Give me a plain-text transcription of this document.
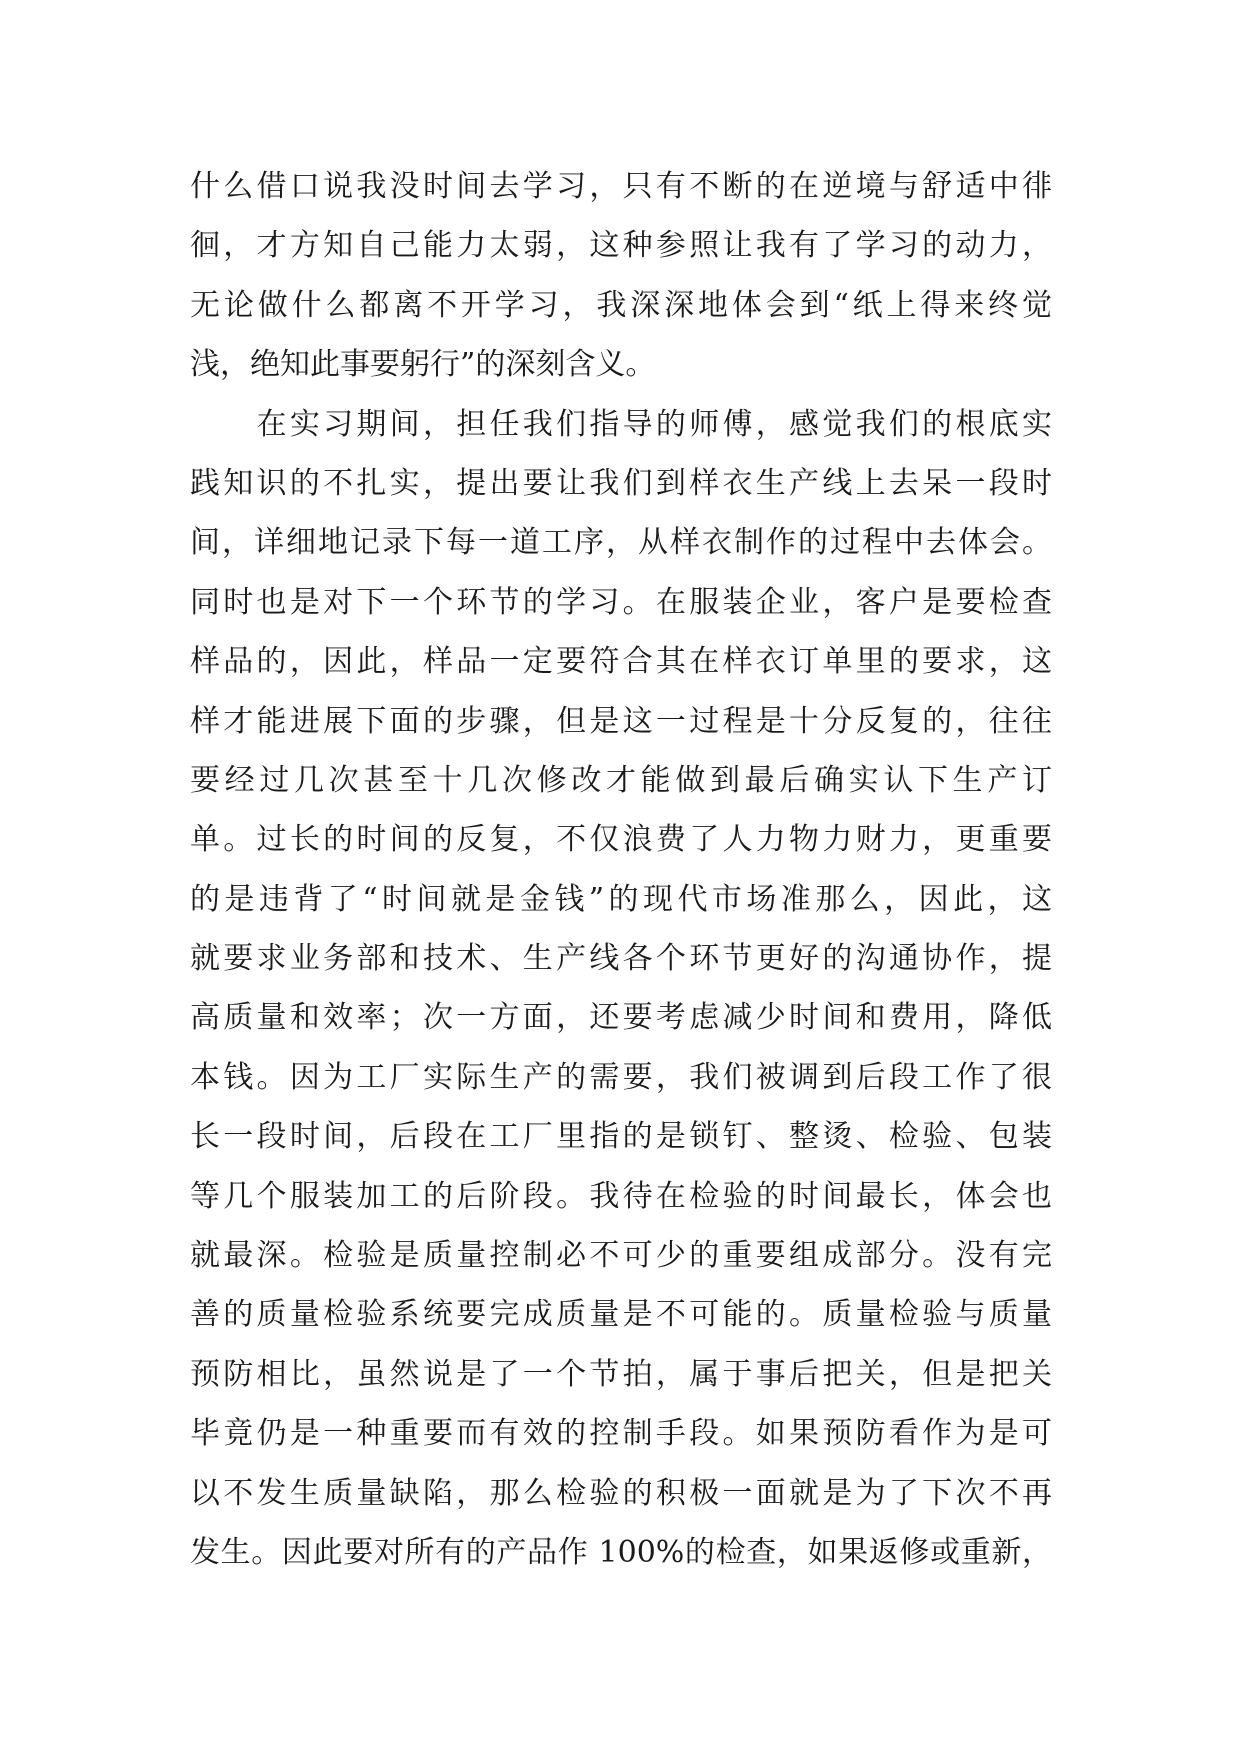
什么借口说我没时间去学习，只有不断的在逆境与舒适中徘
徊，才方知自己能力太弱，这种参照让我有了学习的动力，
无论做什么都离不开学习，我深深地体会到“纸上得来终觉
浅，绝知此事要躬行”的深刻含义。
　　在实习期间，担任我们指导的师傅，感觉我们的根底实
践知识的不扎实，提出要让我们到样衣生产线上去呆一段时
间，详细地记录下每一道工序，从样衣制作的过程中去体会。
同时也是对下一个环节的学习。在服装企业，客户是要检查
样品的，因此，样品一定要符合其在样衣订单里的要求，这
样才能进展下面的步骤，但是这一过程是十分反复的，往往
要经过几次甚至十几次修改才能做到最后确实认下生产订
单。过长的时间的反复，不仅浪费了人力物力财力，更重要
的是违背了“时间就是金钱”的现代市场准那么，因此，这
就要求业务部和技术、生产线各个环节更好的沟通协作，提
高质量和效率；次一方面，还要考虑减少时间和费用，降低
本钱。因为工厂实际生产的需要，我们被调到后段工作了很
长一段时间，后段在工厂里指的是锁钉、整烫、检验、包装
等几个服装加工的后阶段。我待在检验的时间最长，体会也
就最深。检验是质量控制必不可少的重要组成部分。没有完
善的质量检验系统要完成质量是不可能的。质量检验与质量
预防相比，虽然说是了一个节拍，属于事后把关，但是把关
毕竟仍是一种重要而有效的控制手段。如果预防看作为是可
以不发生质量缺陷，那么检验的积极一面就是为了下次不再
发生。因此要对所有的产品作 100%的检查，如果返修或重新，
